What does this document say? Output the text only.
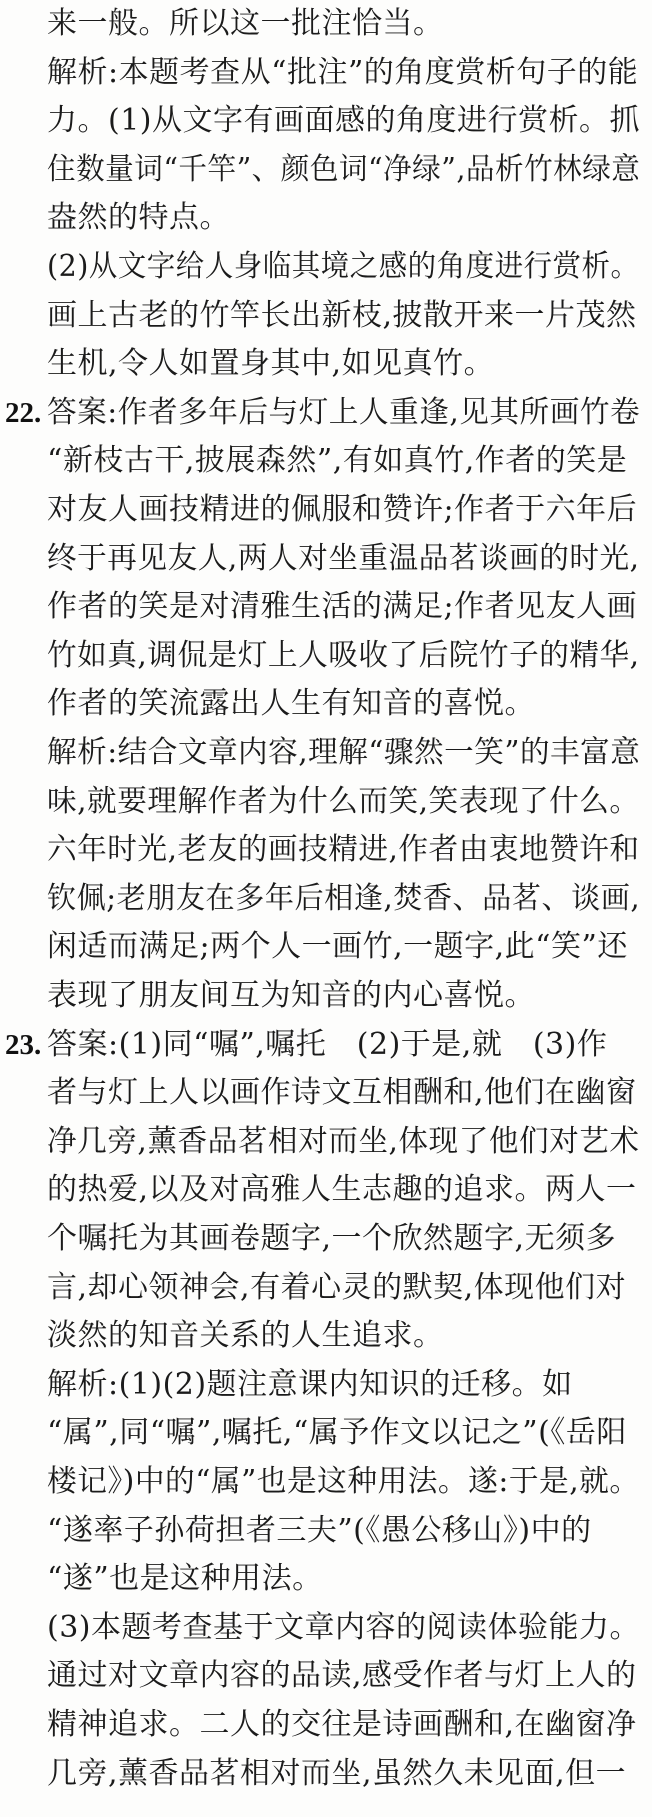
来一般。所以这一批注恰当。
解析:本题考查从“批注”的角度赏析句子的能
力。(1)从文字有画面感的角度进行赏析。抓
住数量词“千竿”、颜色词“净绿”,品析竹林绿意
盎然的特点。
(2)从文字给人身临其境之感的角度进行赏析。
画上古老的竹竿长出新枝,披散开来一片茂然
生机,令人如置身其中,如见真竹。
答案:作者多年后与灯上人重逢,见其所画竹卷
“新枝古干,披展森然”,有如真竹,作者的笑是
对友人画技精进的佩服和赞许;作者于六年后
终于再见友人,两人对坐重温品茗谈画的时光,
作者的笑是对清雅生活的满足;作者见友人画
竹如真,调侃是灯上人吸收了后院竹子的精华,
作者的笑流露出人生有知音的喜悦。
解析:结合文章内容,理解“骤然一笑”的丰富意
味,就要理解作者为什么而笑,笑表现了什么。
六年时光,老友的画技精进,作者由衷地赞许和
钦佩;老朋友在多年后相逢,焚香、品茗、谈画,
闲适而满足;两个人一画竹,一题字,此“笑”还
表现了朋友间互为知音的内心喜悦。
答案:(1)同“嘱”,嘱托　(2)于是,就　(3)作
者与灯上人以画作诗文互相酬和,他们在幽窗
净几旁,薰香品茗相对而坐,体现了他们对艺术
的热爱,以及对高雅人生志趣的追求。两人一
个嘱托为其画卷题字,一个欣然题字,无须多
言,却心领神会,有着心灵的默契,体现他们对
淡然的知音关系的人生追求。
解析:(1)(2)题注意课内知识的迁移。如
“属”,同“嘱”,嘱托,“属予作文以记之”(《岳阳
楼记》)中的“属”也是这种用法。遂:于是,就。
“遂率子孙荷担者三夫”(《愚公移山》)中的
“遂”也是这种用法。
(3)本题考查基于文章内容的阅读体验能力。
通过对文章内容的品读,感受作者与灯上人的
精神追求。二人的交往是诗画酬和,在幽窗净
几旁,薰香品茗相对而坐,虽然久未见面,但一
22.
23.
